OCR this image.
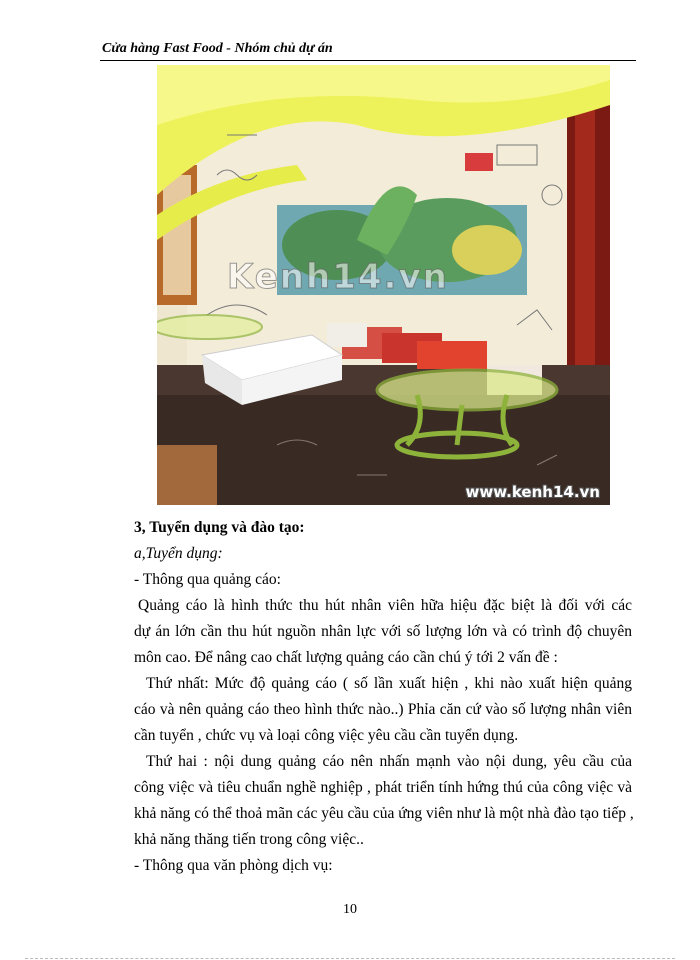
Cửa hàng Fast Food - Nhóm chủ dự án
Kenh14.vn
www.kenh14.vn
3, Tuyển dụng và đào tạo:
a,Tuyển dụng:
- Thông qua quảng cáo:
Quảng cáo là hình thức thu hút nhân viên hữa hiệu đặc biệt là đối với các
dự án lớn cần thu hút nguồn nhân lực với số lượng lớn và có trình độ chuyên
môn cao. Để nâng cao chất lượng quảng cáo cần chú ý tới 2 vấn đề :
Thứ nhất: Mức độ quảng cáo ( số lần xuất hiện , khi nào xuất hiện quảng
cáo và nên quảng cáo theo hình thức nào..) Phỉa căn cứ vào số lượng nhân viên
cần tuyển , chức vụ và loại công việc yêu cầu cần tuyển dụng.
Thứ hai : nội dung quảng cáo nên nhấn mạnh vào nội dung, yêu cầu của
công việc và tiêu chuẩn nghề nghiệp , phát triển tính hứng thú của công việc và
khả năng có thể thoả mãn các yêu cầu của ứng viên như là một nhà đào tạo tiếp ,
khả năng thăng tiến trong công việc..
- Thông qua văn phòng dịch vụ:
10
